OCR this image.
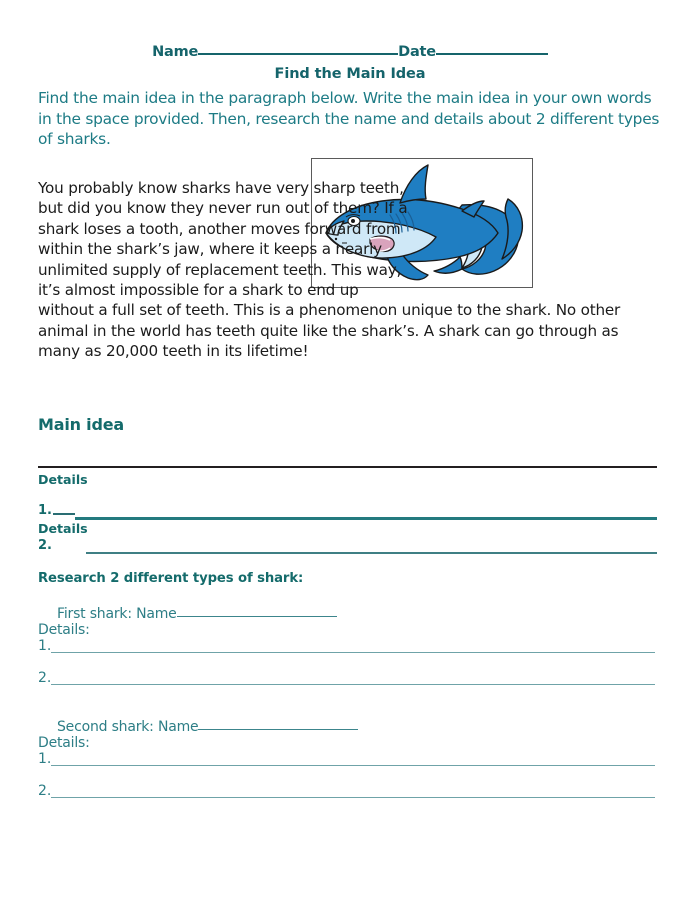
Name	Date
Find the Main Idea
Find the main idea in the paragraph below. Write the main idea in your own words in the space provided. Then, research the name and details about 2 different types of sharks.
You probably know sharks have very sharp teeth, but did you know they never run out of them? If a shark loses a tooth, another moves forward from within the shark’s jaw, where it keeps a nearly unlimited supply of replacement teeth. This way, it’s almost impossible for a shark to end up without a full set of teeth. This is a phenomenon unique to the shark. No other animal in the world has teeth quite like the shark’s. A shark can go through as many as 20,000 teeth in its lifetime!
Main idea
Details
1.
Details
2.
Research 2 different types of shark:
First shark: Name
Details:
1.
2.
Second shark: Name
Details:
1.
2.
